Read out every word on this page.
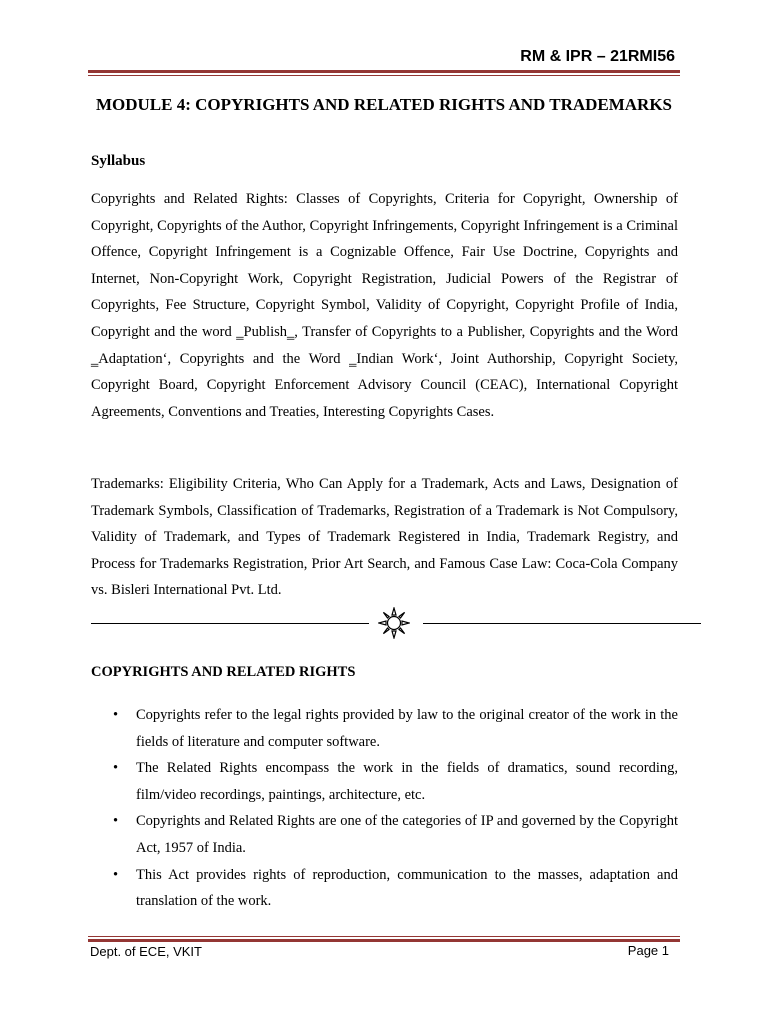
RM & IPR – 21RMI56
MODULE 4: COPYRIGHTS AND RELATED RIGHTS AND TRADEMARKS
Syllabus

Copyrights and Related Rights: Classes of Copyrights, Criteria for Copyright, Ownership of Copyright, Copyrights of the Author, Copyright Infringements, Copyright Infringement is a Criminal Offence, Copyright Infringement is a Cognizable Offence, Fair Use Doctrine, Copyrights and Internet, Non-Copyright Work, Copyright Registration, Judicial Powers of the Registrar of Copyrights, Fee Structure, Copyright Symbol, Validity of Copyright, Copyright Profile of India, Copyright and the word ‗Publish‗, Transfer of Copyrights to a Publisher, Copyrights and the Word ‗Adaptation‘, Copyrights and the Word ‗Indian Work‘, Joint Authorship, Copyright Society, Copyright Board, Copyright Enforcement Advisory Council (CEAC), International Copyright Agreements, Conventions and Treaties, Interesting Copyrights Cases.

Trademarks: Eligibility Criteria, Who Can Apply for a Trademark, Acts and Laws, Designation of Trademark Symbols, Classification of Trademarks, Registration of a Trademark is Not Compulsory, Validity of Trademark, and Types of Trademark Registered in India, Trademark Registry, and Process for Trademarks Registration, Prior Art Search, and Famous Case Law: Coca-Cola Company vs. Bisleri International Pvt. Ltd.

COPYRIGHTS AND RELATED RIGHTS
• Copyrights refer to the legal rights provided by law to the original creator of the work in the fields of literature and computer software.
• The Related Rights encompass the work in the fields of dramatics, sound recording, film/video recordings, paintings, architecture, etc.
• Copyrights and Related Rights are one of the categories of IP and governed by the Copyright Act, 1957 of India.
• This Act provides rights of reproduction, communication to the masses, adaptation and translation of the work.
Dept. of ECE, VKIT	Page 1
